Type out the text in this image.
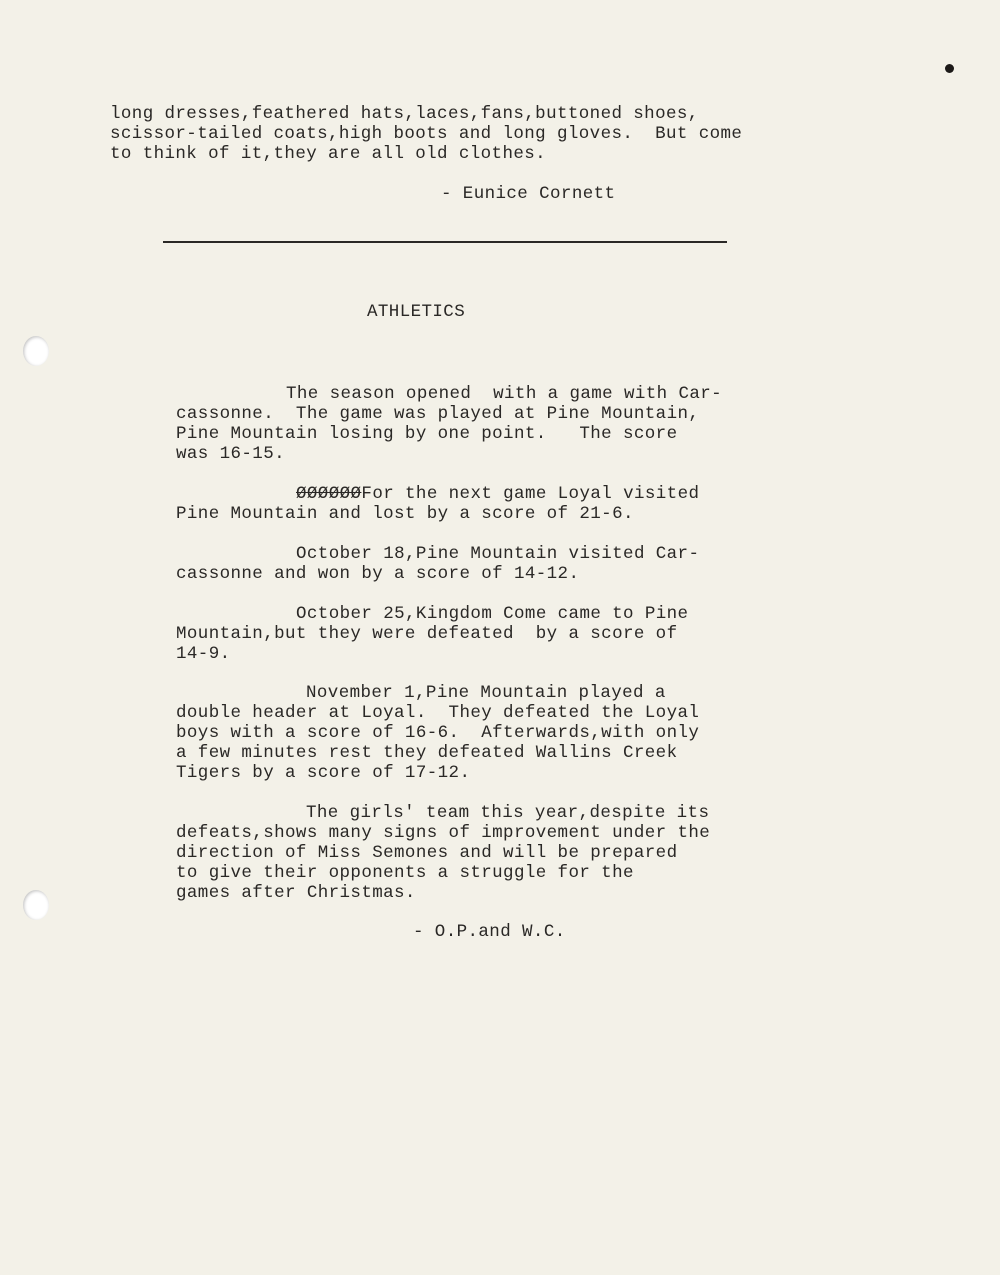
long dresses,feathered hats,laces,fans,buttoned shoes,
scissor-tailed coats,high boots and long gloves.  But come
to think of it,they are all old clothes.
- Eunice Cornett
ATHLETICS
The season opened  with a game with Car-
cassonne.  The game was played at Pine Mountain,
Pine Mountain losing by one point.   The score
was 16-15.
ØØØØØØFor the next game Loyal visited
Pine Mountain and lost by a score of 21-6.
October 18,Pine Mountain visited Car-
cassonne and won by a score of 14-12.
October 25,Kingdom Come came to Pine
Mountain,but they were defeated  by a score of
14-9.
November 1,Pine Mountain played a
double header at Loyal.  They defeated the Loyal
boys with a score of 16-6.  Afterwards,with only
a few minutes rest they defeated Wallins Creek
Tigers by a score of 17-12.
The girls' team this year,despite its
defeats,shows many signs of improvement under the
direction of Miss Semones and will be prepared
to give their opponents a struggle for the
games after Christmas.
- O.P.and W.C.
